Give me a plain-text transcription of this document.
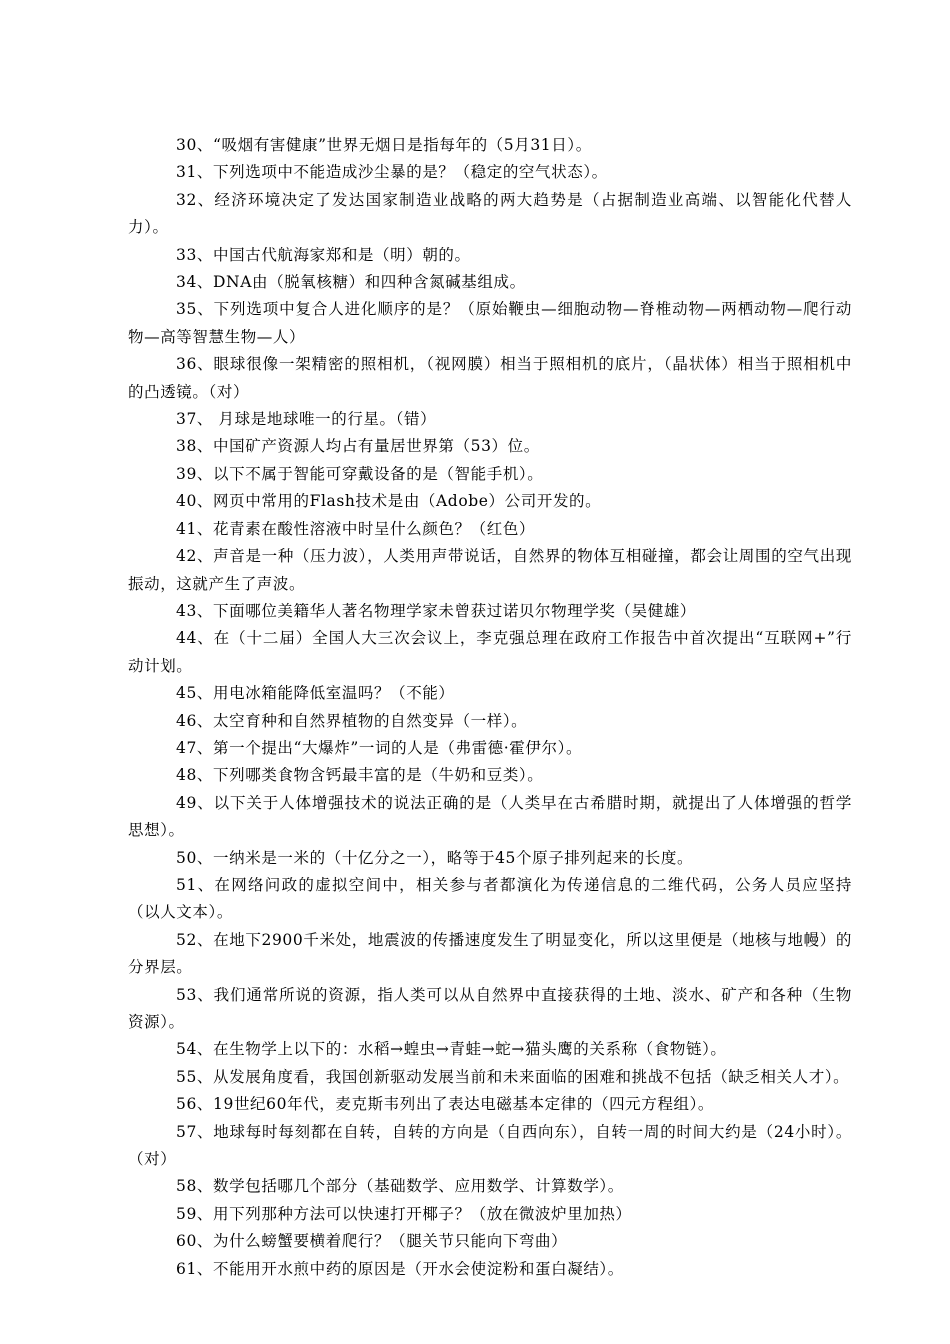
30、“吸烟有害健康”世界无烟日是指每年的（5月31日）。

31、下列选项中不能造成沙尘暴的是？（稳定的空气状态）。

32、经济环境决定了发达国家制造业战略的两大趋势是（占据制造业高端、以智能化代替人力）。

33、中国古代航海家郑和是（明）朝的。

34、DNA由（脱氧核糖）和四种含氮碱基组成。

35、下列选项中复合人进化顺序的是？（原始鞭虫—细胞动物—脊椎动物—两栖动物—爬行动物—高等智慧生物—人）

36、眼球很像一架精密的照相机，（视网膜）相当于照相机的底片，（晶状体）相当于照相机中的凸透镜。（对）

37、 月球是地球唯一的行星。（错）

38、中国矿产资源人均占有量居世界第（53）位。

39、以下不属于智能可穿戴设备的是（智能手机）。

40、网页中常用的Flash技术是由（Adobe）公司开发的。

41、花青素在酸性溶液中时呈什么颜色？（红色）

42、声音是一种（压力波），人类用声带说话，自然界的物体互相碰撞，都会让周围的空气出现振动，这就产生了声波。

43、下面哪位美籍华人著名物理学家未曾获过诺贝尔物理学奖（吴健雄）

44、在（十二届）全国人大三次会议上，李克强总理在政府工作报告中首次提出“互联网+”行动计划。

45、用电冰箱能降低室温吗？（不能）

46、太空育种和自然界植物的自然变异（一样）。

47、第一个提出“大爆炸”一词的人是（弗雷德·霍伊尔）。

48、下列哪类食物含钙最丰富的是（牛奶和豆类）。

49、以下关于人体增强技术的说法正确的是（人类早在古希腊时期，就提出了人体增强的哲学思想）。

50、一纳米是一米的（十亿分之一），略等于45个原子排列起来的长度。

51、在网络问政的虚拟空间中，相关参与者都演化为传递信息的二维代码，公务人员应坚持（以人文本）。

52、在地下2900千米处，地震波的传播速度发生了明显变化，所以这里便是（地核与地幔）的分界层。

53、我们通常所说的资源，指人类可以从自然界中直接获得的土地、淡水、矿产和各种（生物资源）。

54、在生物学上以下的：水稻→蝗虫→青蛙→蛇→猫头鹰的关系称（食物链）。

55、从发展角度看，我国创新驱动发展当前和未来面临的困难和挑战不包括（缺乏相关人才）。

56、19世纪60年代，麦克斯韦列出了表达电磁基本定律的（四元方程组）。

57、地球每时每刻都在自转，自转的方向是（自西向东），自转一周的时间大约是（24小时）。（对）

58、数学包括哪几个部分（基础数学、应用数学、计算数学）。

59、用下列那种方法可以快速打开椰子？（放在微波炉里加热）

60、为什么螃蟹要横着爬行？（腿关节只能向下弯曲）

61、不能用开水煎中药的原因是（开水会使淀粉和蛋白凝结）。
